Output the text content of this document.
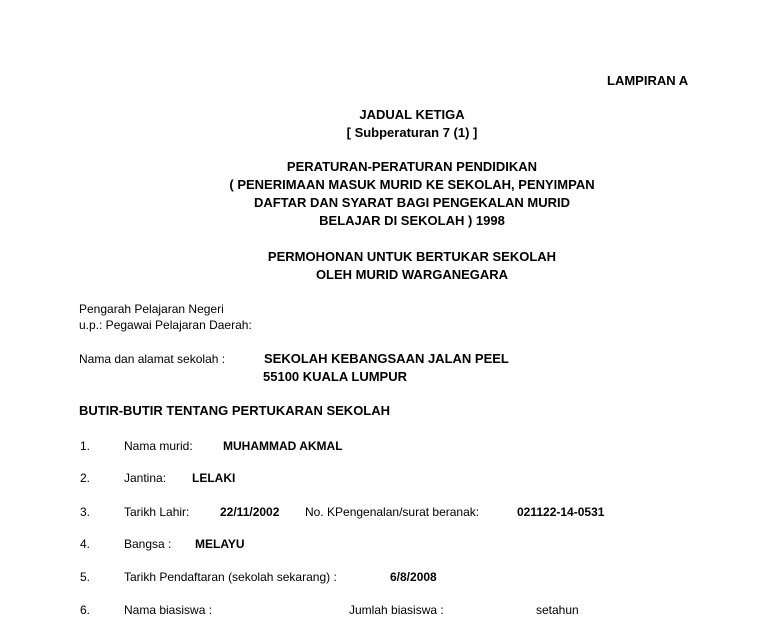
LAMPIRAN A
JADUAL KETIGA
[ Subperaturan 7 (1) ]
PERATURAN-PERATURAN PENDIDIKAN
( PENERIMAAN MASUK MURID KE SEKOLAH, PENYIMPAN
DAFTAR DAN SYARAT BAGI PENGEKALAN MURID
BELAJAR DI SEKOLAH ) 1998
PERMOHONAN UNTUK BERTUKAR SEKOLAH
OLEH MURID WARGANEGARA
Pengarah Pelajaran Negeri
u.p.: Pegawai Pelajaran Daerah:
Nama dan alamat sekolah :	SEKOLAH KEBANGSAAN JALAN PEEL
55100 KUALA LUMPUR
BUTIR-BUTIR TENTANG PERTUKARAN SEKOLAH
1.	Nama murid:	MUHAMMAD AKMAL
2.	Jantina: LELAKI
3.	Tarikh Lahir:	22/11/2002 No. KPengenalan/surat beranak:	021122-14-0531
4.	Bangsa : MELAYU
5.	Tarikh Pendaftaran (sekolah sekarang) :	6/8/2008
6.	Nama biasiswa :	Jumlah biasiswa :	setahun
